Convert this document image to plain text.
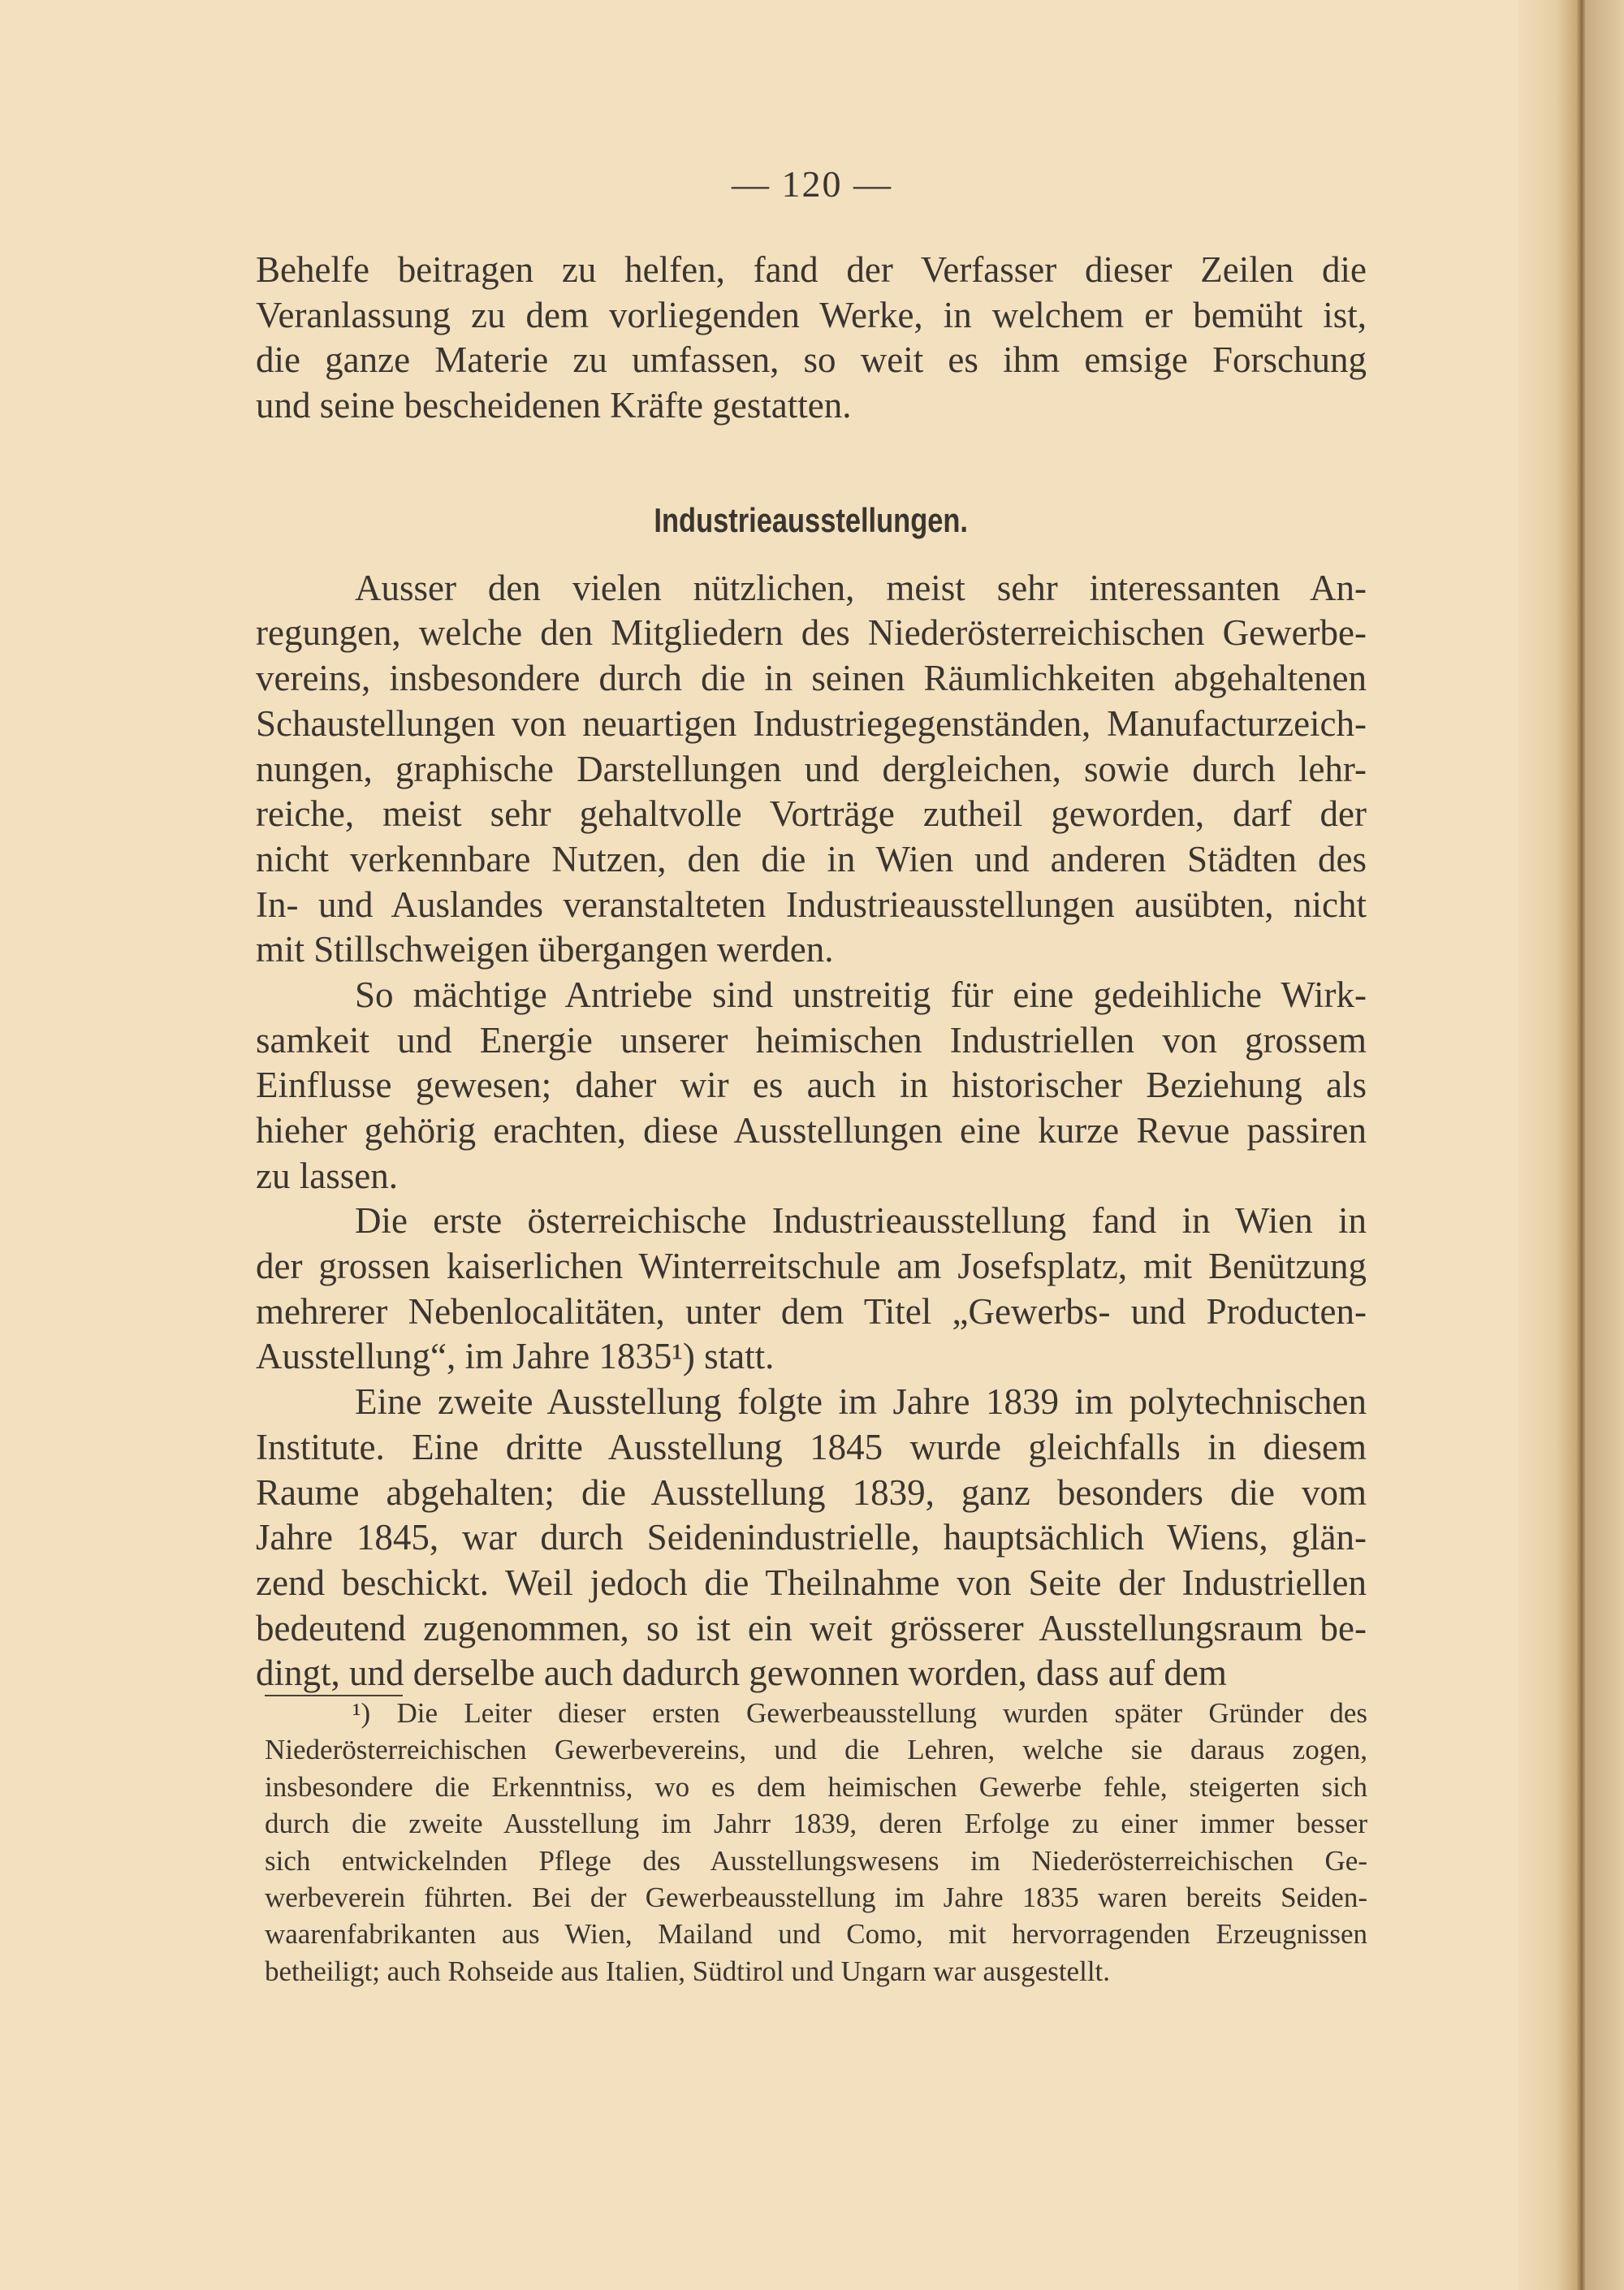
— 120 —
Behelfe beitragen zu helfen, fand der Verfasser dieser Zeilen die
Veranlassung zu dem vorliegenden Werke, in welchem er bemüht ist,
die ganze Materie zu umfassen, so weit es ihm emsige Forschung
und seine bescheidenen Kräfte gestatten.
Industrieausstellungen.
Ausser den vielen nützlichen, meist sehr interessanten An-
regungen, welche den Mitgliedern des Niederösterreichischen Gewerbe-
vereins, insbesondere durch die in seinen Räumlichkeiten abgehaltenen
Schaustellungen von neuartigen Industriegegenständen, Manufacturzeich-
nungen, graphische Darstellungen und dergleichen, sowie durch lehr-
reiche, meist sehr gehaltvolle Vorträge zutheil geworden, darf der
nicht verkennbare Nutzen, den die in Wien und anderen Städten des
In- und Auslandes veranstalteten Industrieausstellungen ausübten, nicht
mit Stillschweigen übergangen werden.
So mächtige Antriebe sind unstreitig für eine gedeihliche Wirk-
samkeit und Energie unserer heimischen Industriellen von grossem
Einflusse gewesen; daher wir es auch in historischer Beziehung als
hieher gehörig erachten, diese Ausstellungen eine kurze Revue passiren
zu lassen.
Die erste österreichische Industrieausstellung fand in Wien in
der grossen kaiserlichen Winterreitschule am Josefsplatz, mit Benützung
mehrerer Nebenlocalitäten, unter dem Titel „Gewerbs- und Producten-
Ausstellung“, im Jahre 1835¹) statt.
Eine zweite Ausstellung folgte im Jahre 1839 im polytechnischen
Institute. Eine dritte Ausstellung 1845 wurde gleichfalls in diesem
Raume abgehalten; die Ausstellung 1839, ganz besonders die vom
Jahre 1845, war durch Seidenindustrielle, hauptsächlich Wiens, glän-
zend beschickt. Weil jedoch die Theilnahme von Seite der Industriellen
bedeutend zugenommen, so ist ein weit grösserer Ausstellungsraum be-
dingt, und derselbe auch dadurch gewonnen worden, dass auf dem
¹) Die Leiter dieser ersten Gewerbeausstellung wurden später Gründer des
Niederösterreichischen Gewerbevereins, und die Lehren, welche sie daraus zogen,
insbesondere die Erkenntniss, wo es dem heimischen Gewerbe fehle, steigerten sich
durch die zweite Ausstellung im Jahrr 1839, deren Erfolge zu einer immer besser
sich entwickelnden Pflege des Ausstellungswesens im Niederösterreichischen Ge-
werbeverein führten. Bei der Gewerbeausstellung im Jahre 1835 waren bereits Seiden-
waarenfabrikanten aus Wien, Mailand und Como, mit hervorragenden Erzeugnissen
betheiligt; auch Rohseide aus Italien, Südtirol und Ungarn war ausgestellt.
